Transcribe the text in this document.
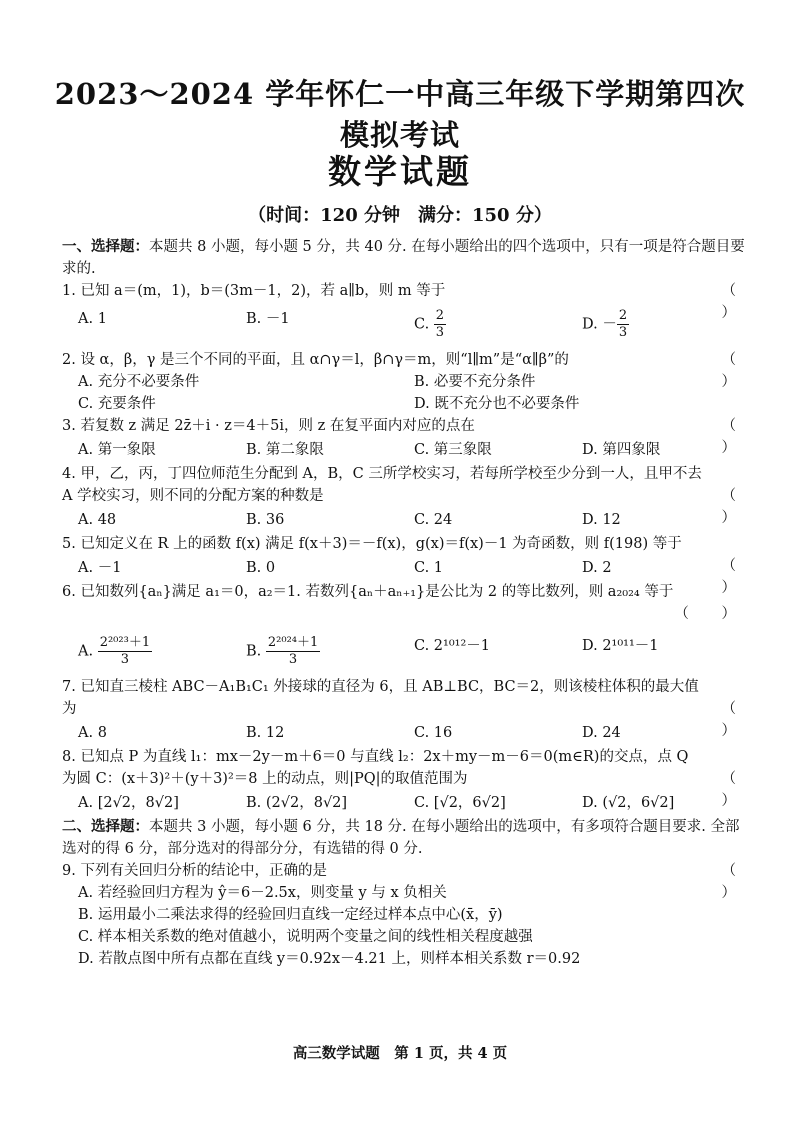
2023～2024 学年怀仁一中高三年级下学期第四次模拟考试
数学试题
（时间：120 分钟　满分：150 分）
一、选择题：本题共 8 小题，每小题 5 分，共 40 分. 在每小题给出的四个选项中，只有一项是符合题目要求的.
1. 已知 a＝(m，1)，b＝(3m－1，2)，若 a∥b，则 m 等于	（ ）
A. 1	B. －1	C. $\frac{2}{3}$	D. － $\frac{2}{3}$
2. 设 α，β，γ 是三个不同的平面，且 α∩γ＝l，β∩γ＝m，则“l∥m”是“α∥β”的	（ ）
A. 充分不必要条件	B. 必要不充分条件
C. 充要条件	D. 既不充分也不必要条件
3. 若复数 z 满足 2z̄＋i · z＝4＋5i，则 z 在复平面内对应的点在	（ ）
A. 第一象限	B. 第二象限	C. 第三象限	D. 第四象限
4. 甲，乙，丙，丁四位师范生分配到 A，B，C 三所学校实习，若每所学校至少分到一人，且甲不去 A 学校实习，则不同的分配方案的种数是	（ ）
A. 48	B. 36	C. 24	D. 12
5. 已知定义在 R 上的函数 f(x) 满足 f(x＋3)＝－f(x)，g(x)＝f(x)－1 为奇函数，则 f(198) 等于
（ ）
A. －1	B. 0	C. 1	D. 2
6. 已知数列{aₙ}满足 a₁＝0，a₂＝1. 若数列{aₙ＋aₙ₊₁}是公比为 2 的等比数列，则 a₂₀₂₄ 等于
（ ）
A. $\frac{\text{2²⁰²³＋1}}{3}$	B. $\frac{\text{2²⁰²⁴＋1}}{3}$	C. 2¹⁰¹²－1	D. 2¹⁰¹¹－1
7. 已知直三棱柱 ABC－A₁B₁C₁ 外接球的直径为 6，且 AB⊥BC，BC＝2，则该棱柱体积的最大值为	（ ）
A. 8	B. 12	C. 16	D. 24
8. 已知点 P 为直线 l₁：mx－2y－m＋6＝0 与直线 l₂：2x＋my－m－6＝0(m∈R)的交点，点 Q 为圆 C：(x＋3)²＋(y＋3)²＝8 上的动点，则|PQ|的取值范围为	（ ）
A. [2√2，8√2]	B. (2√2，8√2]	C. [√2，6√2]	D. (√2，6√2]
二、选择题：本题共 3 小题，每小题 6 分，共 18 分. 在每小题给出的选项中，有多项符合题目要求. 全部选对的得 6 分，部分选对的得部分分，有选错的得 0 分.
9. 下列有关回归分析的结论中，正确的是	（ ）
A. 若经验回归方程为 ŷ＝6－2.5x，则变量 y 与 x 负相关
B. 运用最小二乘法求得的经验回归直线一定经过样本点中心(x̄，ȳ)
C. 样本相关系数的绝对值越小，说明两个变量之间的线性相关程度越强
D. 若散点图中所有点都在直线 y＝0.92x－4.21 上，则样本相关系数 r＝0.92
高三数学试题　第 1 页，共 4 页
